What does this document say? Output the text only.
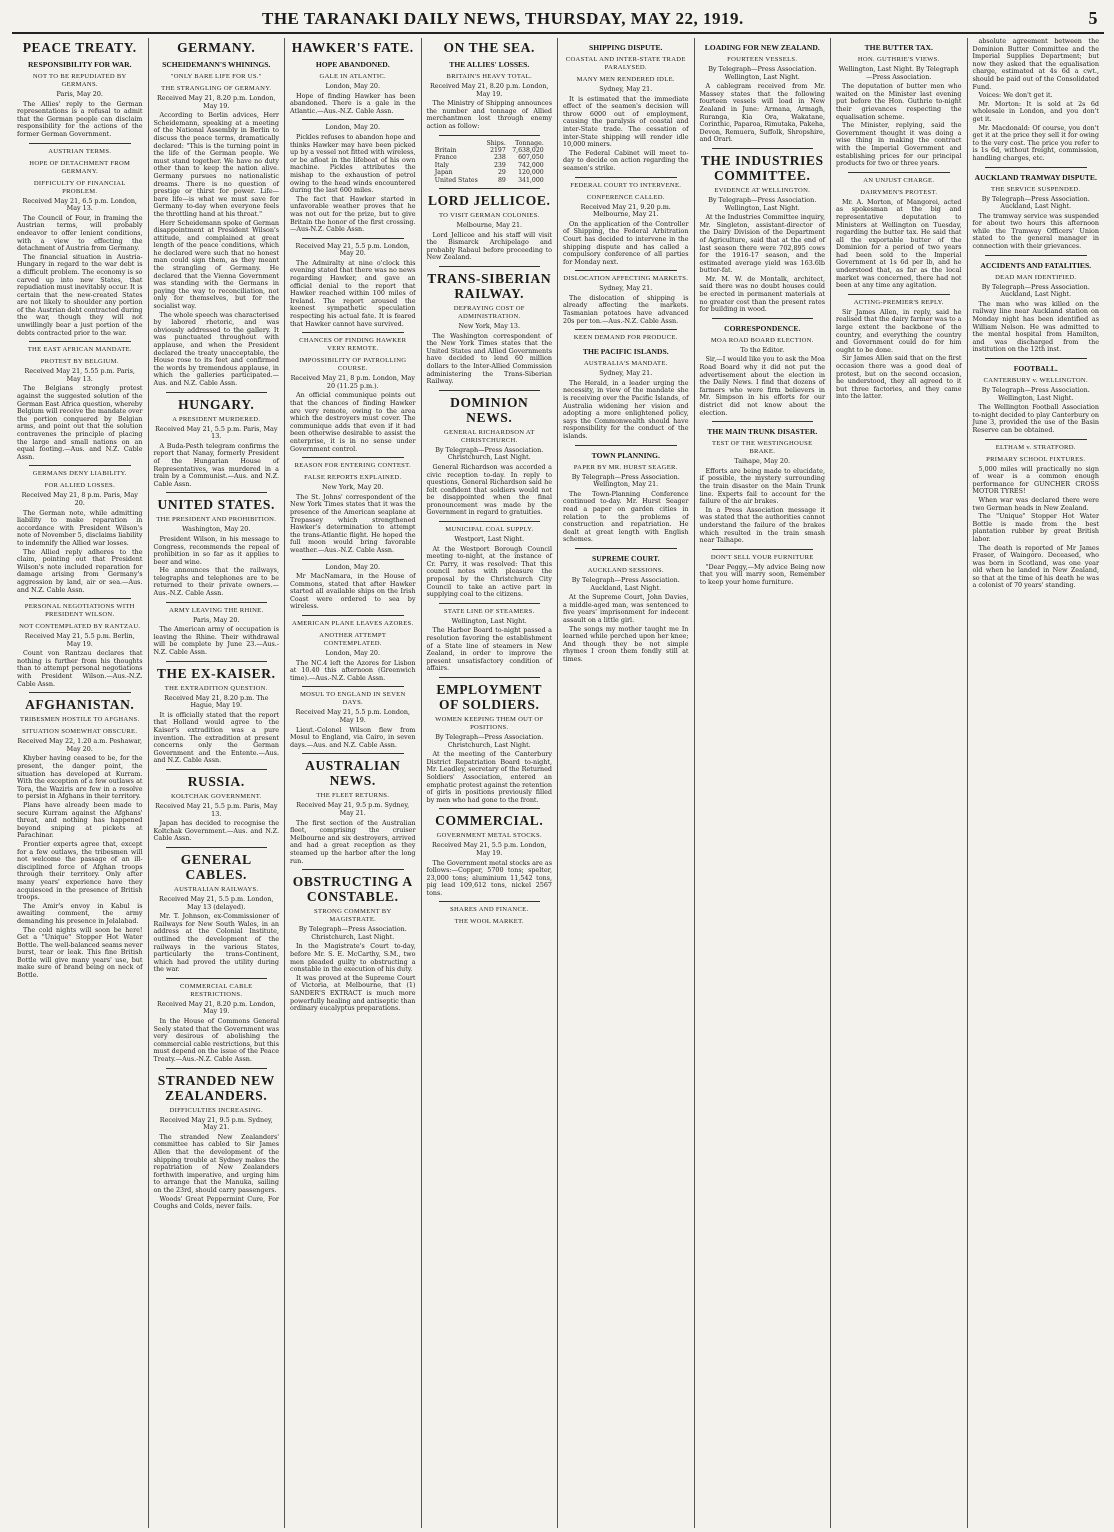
THE TARANAKI DAILY NEWS, THURSDAY, MAY 22, 1919.	5
PEACE TREATY.
RESPONSIBILITY FOR WAR.
NOT TO BE REPUDIATED BY GERMANS.
Paris, May 20.
The Allies' reply to the German representations is a refusal to admit that the German people can disclaim responsibility for the actions of the former German Government.
AUSTRIAN TERMS.
HOPE OF DETACHMENT FROM GERMANY.
DIFFICULTY OF FINANCIAL PROBLEM.
Received May 21, 6.5 p.m. London, May 13.
The Council of Four, in framing the Austrian terms, will probably endeavor to offer lenient conditions, with a view to effecting the detachment of Austria from Germany.
The financial situation in Austria-Hungary in regard to the war debt is a difficult problem. The economy is so carved up into new States, that repudiation must inevitably occur. It is certain that the new-created States are not likely to shoulder any portion of the Austrian debt contracted during the war, though they will not unwillingly bear a just portion of the debts contracted prior to the war.
THE EAST AFRICAN MANDATE.
PROTEST BY BELGIUM.
Received May 21, 5.55 p.m. Paris, May 13.
The Belgians strongly protest against the suggested solution of the German East Africa question, whereby Belgium will receive the mandate over the portion conquered by Belgian arms, and point out that the solution contravenes the principle of placing the large and small nations on an equal footing.—Aus. and N.Z. Cable Assn.
GERMANS DENY LIABILITY.
FOR ALLIED LOSSES.
Received May 21, 8 p.m. Paris, May 20.
The German note, while admitting liability to make reparation in accordance with President Wilson's note of November 5, disclaims liability to indemnify the Allied war losses.
The Allied reply adheres to the claim, pointing out that President Wilson's note included reparation for damage arising from Germany's aggression by land, air or sea.—Aus. and N.Z. Cable Assn.
PERSONAL NEGOTIATIONS WITH PRESIDENT WILSON.
NOT CONTEMPLATED BY RANTZAU.
Received May 21, 5.5 p.m. Berlin, May 19.
Count von Rantzau declares that nothing is further from his thoughts than to attempt personal negotiations with President Wilson.—Aus.-N.Z. Cable Assn.
AFGHANISTAN.
TRIBESMEN HOSTILE TO AFGHANS.
SITUATION SOMEWHAT OBSCURE.
Received May 22, 1.20 a.m. Peshawar, May 20.
Khyber having ceased to be, for the present, the danger point, the situation has developed at Kurram. With the exception of a few outlaws at Tora, the Waziris are few in a resolve to persist in Afghans in their territory.
Plans have already been made to secure Kurram against the Afghans' threat, and nothing has happened beyond sniping at pickets at Parachinar.
Frontier experts agree that, except for a few outlaws, the tribesmen will not welcome the passage of an ill-disciplined force of Afghan troops through their territory. Only after many years' experience have they acquiesced in the presence of British troops.
The Amir's envoy in Kabul is awaiting comment, the army demanding his presence in Jelalabad.
The cold nights will soon be here! Get a "Unique" Stopper Hot Water Bottle. The well-balanced seams never burst, tear or leak. This fine British Bottle will give many years' use, but make sure of brand being on neck of Bottle.
GERMANY.
SCHEIDEMANN'S WHININGS.
"ONLY BARE LIFE FOR US."
THE STRANGLING OF GERMANY.
Received May 21, 8.20 p.m. London, May 19.
According to Berlin advices, Herr Scheidemann, speaking at a meeting of the National Assembly in Berlin to discuss the peace terms, dramatically declared: "This is the turning point in the life of the German people. We must stand together. We have no duty other than to keep the nation alive. Germany pursues no nationalistic dreams. There is no question of prestige or thirst for power. Life—bare life—is what we must save for Germany to-day when everyone feels the throttling hand at his throat."
Herr Scheidemann spoke of German disappointment at President Wilson's attitude, and complained at great length of the peace conditions, which he declared were such that no honest man could sign them, as they meant the strangling of Germany. He declared that the Vienna Government was standing with the Germans in paying the way to reconciliation, not only for themselves, but for the socialist way.
The whole speech was characterised by labored rhetoric, and was obviously addressed to the gallery. It was punctuated throughout with applause, and when the President declared the treaty unacceptable, the House rose to its feet and confirmed the words by tremendous applause, in which the galleries participated.—Aus. and N.Z. Cable Assn.
HUNGARY.
A PRESIDENT MURDERED.
Received May 21, 5.5 p.m. Paris, May 13.
A Buda-Pesth telegram confirms the report that Nanay, formerly President of the Hungarian House of Representatives, was murdered in a train by a Communist.—Aus. and N.Z. Cable Assn.
UNITED STATES.
THE PRESIDENT AND PROHIBITION.
Washington, May 20.
President Wilson, in his message to Congress, recommends the repeal of prohibition in so far as it applies to beer and wine.
He announces that the railways, telegraphs and telephones are to be returned to their private owners.—Aus.-N.Z. Cable Assn.
ARMY LEAVING THE RHINE.
Paris, May 20.
The American army of occupation is leaving the Rhine. Their withdrawal will be complete by June 23.—Aus.-N.Z. Cable Assn.
THE EX-KAISER.
THE EXTRADITION QUESTION.
Received May 21, 8.20 p.m. The Hague, May 19.
It is officially stated that the report that Holland would agree to the Kaiser's extradition was a pure invention. The extradition at present concerns only the German Government and the Entente.—Aus. and N.Z. Cable Assn.
RUSSIA.
KOLTCHAK GOVERNMENT.
Received May 21, 5.5 p.m. Paris, May 13.
Japan has decided to recognise the Koltchak Government.—Aus. and N.Z. Cable Assn.
GENERAL CABLES.
AUSTRALIAN RAILWAYS.
Received May 21, 5.5 p.m. London, May 13 (delayed).
Mr. T. Johnson, ex-Commissioner of Railways for New South Wales, in an address at the Colonial Institute, outlined the development of the railways in the various States, particularly the trans-Continent, which had proved the utility during the war.
COMMERCIAL CABLE RESTRICTIONS.
Received May 21, 8.20 p.m. London, May 19.
In the House of Commons General Seely stated that the Government was very desirous of abolishing the commercial cable restrictions, but this must depend on the issue of the Peace Treaty.—Aus.-N.Z. Cable Assn.
STRANDED NEW ZEALANDERS.
DIFFICULTIES INCREASING.
Received May 21, 9.5 p.m. Sydney, May 21.
The stranded New Zealanders' committee has cabled to Sir James Allen that the development of the shipping trouble at Sydney makes the repatriation of New Zealanders forthwith imperative, and urging him to arrange that the Manuka, sailing on the 23rd, should carry passengers.
Woods' Great Peppermint Cure, For Coughs and Colds, never fails.
HAWKER'S FATE.
HOPE ABANDONED.
GALE IN ATLANTIC.
London, May 20.
Hope of finding Hawker has been abandoned. There is a gale in the Atlantic.—Aus.-N.Z. Cable Assn.
London, May 20.
Pickles refuses to abandon hope and thinks Hawker may have been picked up by a vessel not fitted with wireless, or be afloat in the lifeboat of his own machine. Pickles attributes the mishap to the exhaustion of petrol owing to the head winds encountered during the last 600 miles.
The fact that Hawker started in unfavorable weather proves that he was not out for the prize, but to give Britain the honor of the first crossing.—Aus-N.Z. Cable Assn.
Received May 21, 5.5 p.m. London, May 20.
The Admiralty at nine o'clock this evening stated that there was no news regarding Hawker, and gave an official denial to the report that Hawker reached within 100 miles of Ireland. The report aroused the keenest sympathetic speculation respecting his actual fate. It is feared that Hawker cannot have survived.
CHANCES OF FINDING HAWKER VERY REMOTE.
IMPOSSIBILITY OF PATROLLING COURSE.
Received May 21, 8 p.m. London, May 20 (11.25 p.m.).
An official communique points out that the chances of finding Hawker are very remote, owing to the area which the destroyers must cover. The communique adds that even if it had been otherwise desirable to assist the enterprise, it is in no sense under Government control.
REASON FOR ENTERING CONTEST.
FALSE REPORTS EXPLAINED.
New York, May 20.
The St. Johns' correspondent of the New York Times states that it was the presence of the American seaplane at Trepassey which strengthened Hawker's determination to attempt the trans-Atlantic flight. He hoped the full moon would bring favorable weather.—Aus.-N.Z. Cable Assn.
London, May 20.
Mr MacNamara, in the House of Commons, stated that after Hawker started all available ships on the Irish Coast were ordered to sea by wireless.
AMERICAN PLANE LEAVES AZORES.
ANOTHER ATTEMPT CONTEMPLATED.
London, May 20.
The NC.4 left the Azores for Lisbon at 10.40 this afternoon (Greenwich time).—Aus.-N.Z. Cable Assn.
MOSUL TO ENGLAND IN SEVEN DAYS.
Received May 21, 5.5 p.m. London, May 19.
Lieut.-Colonel Wilson flew from Mosul to England, via Cairo, in seven days.—Aus. and N.Z. Cable Assn.
AUSTRALIAN NEWS.
THE FLEET RETURNS.
Received May 21, 9.5 p.m. Sydney, May 21.
The first section of the Australian fleet, comprising the cruiser Melbourne and six destroyers, arrived and had a great reception as they steamed up the harbor after the long run.
OBSTRUCTING A CONSTABLE.
STRONG COMMENT BY MAGISTRATE.
By Telegraph—Press Association. Christchurch, Last Night.
In the Magistrate's Court to-day, before Mr. S. E. McCarthy, S.M., two men pleaded guilty to obstructing a constable in the execution of his duty.
It was proved at the Supreme Court of Victoria, at Melbourne, that (1) SANDER'S EXTRACT is much more powerfully healing and antiseptic than ordinary eucalyptus preparations.
ON THE SEA.
THE ALLIES' LOSSES.
BRITAIN'S HEAVY TOTAL.
Received May 21, 8.20 p.m. London, May 19.
The Ministry of Shipping announces the number and tonnage of Allied merchantmen lost through enemy action as follow:
	Ships.	Tonnage.
Britain	2197	7,638,020
France	238	607,050
Italy	239	742,000
Japan	29	120,000
United States	89	341,000
LORD JELLICOE.
TO VISIT GERMAN COLONIES.
Melbourne, May 21.
Lord Jellicoe and his staff will visit the Bismarck Archipelago and probably Rabaul before proceeding to New Zealand.
TRANS-SIBERIAN RAILWAY.
DEFRAYING COST OF ADMINISTRATION.
New York, May 13.
The Washington correspondent of the New York Times states that the United States and Allied Governments have decided to lend 60 million dollars to the Inter-Allied Commission administering the Trans-Siberian Railway.
DOMINION NEWS.
GENERAL RICHARDSON AT CHRISTCHURCH.
By Telegraph—Press Association. Christchurch, Last Night.
General Richardson was accorded a civic reception to-day. In reply to questions, General Richardson said he felt confident that soldiers would not be disappointed when the final pronouncement was made by the Government in regard to gratuities.
MUNICIPAL COAL SUPPLY.
Westport, Last Night.
At the Westport Borough Council meeting to-night, at the instance of Cr. Parry, it was resolved: That this council notes with pleasure the proposal by the Christchurch City Council to take an active part in supplying coal to the citizens.
STATE LINE OF STEAMERS.
Wellington, Last Night.
The Harbor Board to-night passed a resolution favoring the establishment of a State line of steamers in New Zealand, in order to improve the present unsatisfactory condition of affairs.
EMPLOYMENT OF SOLDIERS.
WOMEN KEEPING THEM OUT OF POSITIONS.
By Telegraph—Press Association. Christchurch, Last Night.
At the meeting of the Canterbury District Repatriation Board to-night, Mr. Leadley, secretary of the Returned Soldiers' Association, entered an emphatic protest against the retention of girls in positions previously filled by men who had gone to the front.
COMMERCIAL.
GOVERNMENT METAL STOCKS.
Received May 21, 5.5 p.m. London, May 19.
The Government metal stocks are as follows:—Copper, 5700 tons; spelter, 23,000 tons; aluminium 11,542 tons, pig lead 109,612 tons, nickel 2567 tons.
SHARES AND FINANCE.
THE WOOL MARKET.
SHIPPING DISPUTE.
COASTAL AND INTER-STATE TRADE PARALYSED.
MANY MEN RENDERED IDLE.
Sydney, May 21.
It is estimated that the immediate effect of the seamen's decision will throw 6000 out of employment, causing the paralysis of coastal and inter-State trade. The cessation of inter-State shipping will render idle 10,000 miners.
The Federal Cabinet will meet to-day to decide on action regarding the seamen's strike.
FEDERAL COURT TO INTERVENE.
CONFERENCE CALLED.
Received May 21, 9.20 p.m. Melbourne, May 21.
On the application of the Controller of Shipping, the Federal Arbitration Court has decided to intervene in the shipping dispute and has called a compulsory conference of all parties for Monday next.
DISLOCATION AFFECTING MARKETS.
Sydney, May 21.
The dislocation of shipping is already affecting the markets. Tasmanian potatoes have advanced 20s per ton.—Aus.-N.Z. Cable Assn.
KEEN DEMAND FOR PRODUCE.
THE PACIFIC ISLANDS.
AUSTRALIA'S MANDATE.
Sydney, May 21.
The Herald, in a leader urging the necessity, in view of the mandate she is receiving over the Pacific Islands, of Australia widening her vision and adopting a more enlightened policy, says the Commonwealth should have responsibility for the conduct of the islands.
TOWN PLANNING.
PAPER BY MR. HURST SEAGER.
By Telegraph—Press Association. Wellington, May 21.
The Town-Planning Conference continued to-day. Mr. Hurst Seager read a paper on garden cities in relation to the problems of construction and repatriation. He dealt at great length with English schemes.
SUPREME COURT.
AUCKLAND SESSIONS.
By Telegraph—Press Association. Auckland, Last Night.
At the Supreme Court, John Davies, a middle-aged man, was sentenced to five years' imprisonment for indecent assault on a little girl.
The songs my mother taught me In learned while perched upon her knee; And though they be not simple rhymes I croon them fondly still at times.
LOADING FOR NEW ZEALAND.
FOURTEEN VESSELS.
By Telegraph—Press Association. Wellington, Last Night.
A cablegram received from Mr. Massey states that the following fourteen vessels will load in New Zealand in June: Armana, Armagh, Ruranga, Kia Ora, Wakatane, Corinthic, Paparoa, Rimutaka, Pakeha, Devon, Remuera, Suffolk, Shropshire, and Orari.
THE INDUSTRIES COMMITTEE.
EVIDENCE AT WELLINGTON.
By Telegraph—Press Association. Wellington, Last Night.
At the Industries Committee inquiry, Mr. Singleton, assistant-director of the Dairy Division of the Department of Agriculture, said that at the end of last season there were 702,895 cows for the 1916-17 season, and the estimated average yield was 163.6lb butter-fat.
Mr. M. W. de Montalk, architect, said there was no doubt houses could be erected in permanent materials at no greater cost than the present rates for building in wood.
CORRESPONDENCE.
MOA ROAD BOARD ELECTION.
To the Editor.
Sir,—I would like you to ask the Moa Road Board why it did not put the advertisement about the election in the Daily News. I find that dozens of farmers who were firm believers in Mr. Simpson in his efforts for our district did not know about the election.
THE MAIN TRUNK DISASTER.
TEST OF THE WESTINGHOUSE BRAKE.
Taihape, May 20.
Efforts are being made to elucidate, if possible, the mystery surrounding the train disaster on the Main Trunk line. Experts fail to account for the failure of the air brakes.
In a Press Association message it was stated that the authorities cannot understand the failure of the brakes which resulted in the train smash near Taihape.
DON'T SELL YOUR FURNITURE
"Dear Peggy,—My advice Being now that you will marry soon, Remember to keep your home furniture.
THE BUTTER TAX.
HON. GUTHRIE'S VIEWS.
Wellington, Last Night. By Telegraph—Press Association.
The deputation of butter men who waited on the Minister last evening put before the Hon. Guthrie to-night their grievances respecting the equalisation scheme.
The Minister, replying, said the Government thought it was doing a wise thing in making the contract with the Imperial Government and establishing prices for our principal products for two or three years.
AN UNJUST CHARGE.
DAIRYMEN'S PROTEST.
Mr. A. Morton, of Mangorei, acted as spokesman at the big and representative deputation to Ministers at Wellington on Tuesday, regarding the butter tax. He said that all the exportable butter of the Dominion for a period of two years had been sold to the Imperial Government at 1s 6d per lb, and he understood that, as far as the local market was concerned, there had not been at any time any agitation.
ACTING-PREMIER'S REPLY.
Sir James Allen, in reply, said he realised that the dairy farmer was to a large extent the backbone of the country, and everything the country and Government could do for him ought to be done.
Sir James Allen said that on the first occasion there was a good deal of protest, but on the second occasion, he understood, they all agreed to it but three factories, and they came into the latter.
absolute agreement between the Dominion Butter Committee and the Imperial Supplies Department; but now they asked that the equalisation charge, estimated at 4s 6d a cwt., should be paid out of the Consolidated Fund.
Voices: We don't get it.
Mr. Morton: It is sold at 2s 6d wholesale in London, and you don't get it.
Mr. Macdonald: Of course, you don't get it at the price they sell it for owing to the very cost. The price you refer to is 1s 6d, without freight, commission, handling charges, etc.
AUCKLAND TRAMWAY DISPUTE.
THE SERVICE SUSPENDED.
By Telegraph—Press Association. Auckland, Last Night.
The tramway service was suspended for about two hours this afternoon while the Tramway Officers' Union stated to the general manager in connection with their grievances.
ACCIDENTS AND FATALITIES.
DEAD MAN IDENTIFIED.
By Telegraph—Press Association. Auckland, Last Night.
The man who was killed on the railway line near Auckland station on Monday night has been identified as William Nelson. He was admitted to the mental hospital from Hamilton, and was discharged from the institution on the 12th inst.
FOOTBALL.
CANTERBURY v. WELLINGTON.
By Telegraph—Press Association. Wellington, Last Night.
The Wellington Football Association to-night decided to play Canterbury on June 3, provided the use of the Basin Reserve can be obtained.
ELTHAM v. STRATFORD.
PRIMARY SCHOOL FIXTURES.
5,000 miles will practically no sign of wear is a common enough performance for GUNCHER CROSS MOTOR TYRES!
When war was declared there were two German heads in New Zealand.
The "Unique" Stopper Hot Water Bottle is made from the best plantation rubber by great British labor.
The death is reported of Mr James Fraser, of Waingoro. Deceased, who was born in Scotland, was one year old when he landed in New Zealand, so that at the time of his death he was a colonist of 70 years' standing.
